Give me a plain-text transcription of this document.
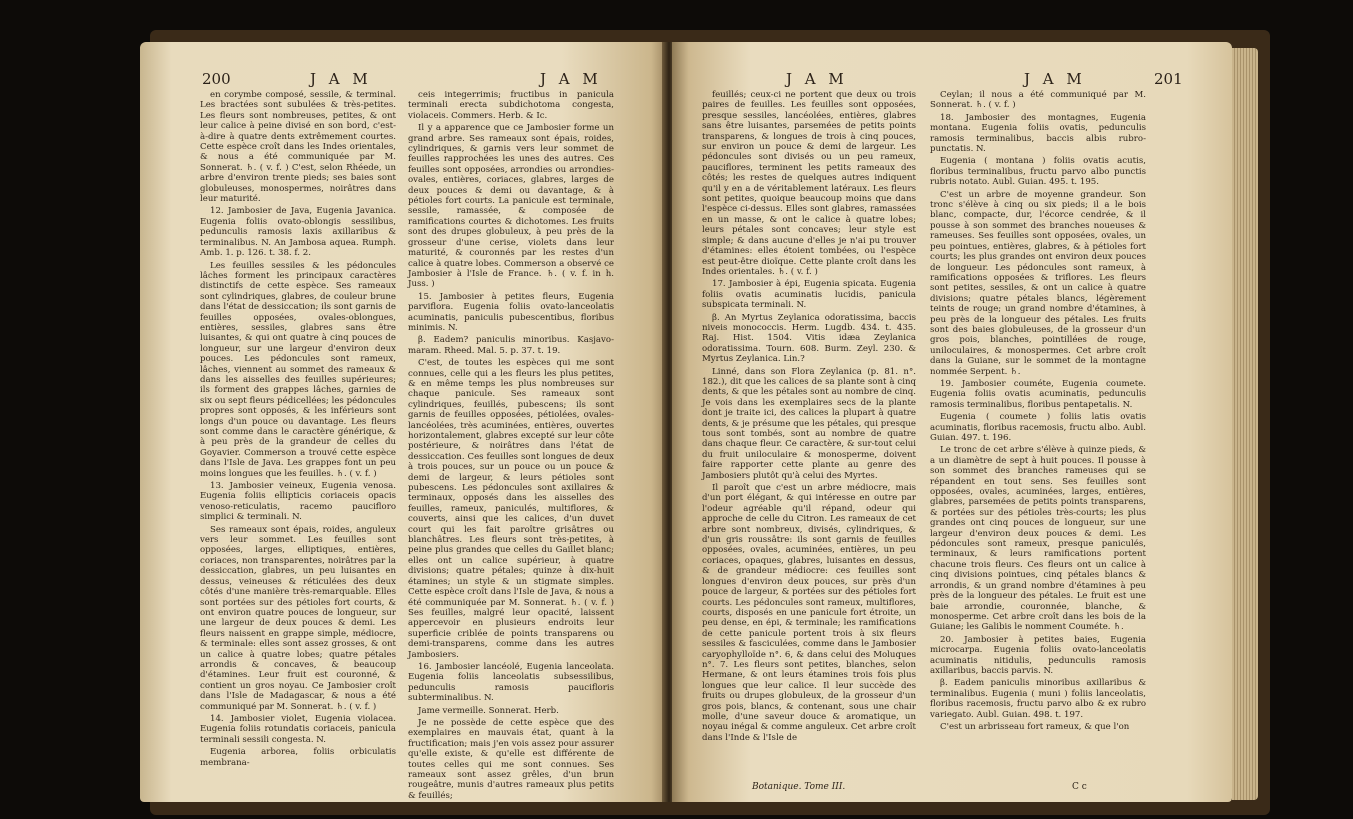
200	J A M	J A M

en corymbe composé, sessile, & terminal. Les bractées sont subulées & très-petites. Les fleurs sont nombreuses, petites, & ont leur calice à peine divisé en son bord, c'est-à-dire à quatre dents extrêmement courtes. Cette espèce croît dans les Indes orientales, & nous a été communiquée par M. Sonnerat. ♄. ( v. f. ) C'est, selon Rhéede, un arbre d'environ trente pieds; ses baies sont globuleuses, monospermes, noirâtres dans leur maturité.

12. Jambosier de Java, Eugenia Javanica. Eugenia foliis ovato-oblongis sessilibus, pedunculis ramosis laxis axillaribus & terminalibus. N. An Jambosa aquea. Rumph. Amb. 1. p. 126. t. 38. f. 2.

Les feuilles sessiles & les pédoncules lâches forment les principaux caractères distinctifs de cette espèce. Ses rameaux sont cylindriques, glabres, de couleur brune dans l'état de dessiccation; ils sont garnis de feuilles opposées, ovales-oblongues, entières, sessiles, glabres sans être luisantes, & qui ont quatre à cinq pouces de longueur, sur une largeur d'environ deux pouces. Les pédoncules sont rameux, lâches, viennent au sommet des rameaux & dans les aisselles des feuilles supérieures; ils forment des grappes lâches, garnies de six ou sept fleurs pédicellées; les pédoncules propres sont opposés, & les inférieurs sont longs d'un pouce ou davantage. Les fleurs sont comme dans le caractère générique, & à peu près de la grandeur de celles du Goyavier. Commerson a trouvé cette espèce dans l'Isle de Java. Les grappes font un peu moins longues que les feuilles. ♄. ( v. f. )

13. Jambosier veineux, Eugenia venosa. Eugenia foliis ellipticis coriaceis opacis venoso-reticulatis, racemo paucifloro simplici & terminali. N.

Ses rameaux sont épais, roides, anguleux vers leur sommet. Les feuilles sont opposées, larges, elliptiques, entières, coriaces, non transparentes, noirâtres par la dessiccation, glabres, un peu luisantes en dessus, veineuses & réticulées des deux côtés d'une manière très-remarquable. Elles sont portées sur des pétioles fort courts, & ont environ quatre pouces de longueur, sur une largeur de deux pouces & demi. Les fleurs naissent en grappe simple, médiocre, & terminale: elles sont assez grosses, & ont un calice à quatre lobes; quatre pétales arrondis & concaves, & beaucoup d'étamines. Leur fruit est couronné, & contient un gros noyau. Ce Jambosier croît dans l'Isle de Madagascar, & nous a été communiqué par M. Sonnerat. ♄. ( v. f. )

14. Jambosier violet, Eugenia violacea. Eugenia foliis rotundatis coriaceis, panicula terminali sessili congesta. N.

Eugenia arborea, foliis orbiculatis membrana-

ceis integerrimis; fructibus in panicula terminali erecta subdichotoma congesta, violaceis. Commers. Herb. & Ic.

Il y a apparence que ce Jambosier forme un grand arbre. Ses rameaux sont épais, roides, cylindriques, & garnis vers leur sommet de feuilles rapprochées les unes des autres. Ces feuilles sont opposées, arrondies ou arrondies-ovales, entières, coriaces, glabres, larges de deux pouces & demi ou davantage, & à pétioles fort courts. La panicule est terminale, sessile, ramassée, & composée de ramifications courtes & dichotomes. Les fruits sont des drupes globuleux, à peu près de la grosseur d'une cerise, violets dans leur maturité, & couronnés par les restes d'un calice à quatre lobes. Commerson a observé ce Jambosier à l'Isle de France. ♄. ( v. f. in h. Juss. )

15. Jambosier à petites fleurs, Eugenia parviflora. Eugenia foliis ovato-lanceolatis acuminatis, paniculis pubescentibus, floribus minimis. N.

β. Eadem? paniculis minoribus. Kasjavo-maram. Rheed. Mal. 5. p. 37. t. 19.

C'est, de toutes les espèces qui me sont connues, celle qui a les fleurs les plus petites, & en même temps les plus nombreuses sur chaque panicule. Ses rameaux sont cylindriques, feuillés, pubescens; ils sont garnis de feuilles opposées, pétiolées, ovales-lancéolées, très acuminées, entières, ouvertes horizontalement, glabres excepté sur leur côte postérieure, & noirâtres dans l'état de dessiccation. Ces feuilles sont longues de deux à trois pouces, sur un pouce ou un pouce & demi de largeur, & leurs pétioles sont pubescens. Les pédoncules sont axillaires & terminaux, opposés dans les aisselles des feuilles, rameux, paniculés, multiflores, & couverts, ainsi que les calices, d'un duvet court qui les fait paroître grisâtres ou blanchâtres. Les fleurs sont très-petites, à peine plus grandes que celles du Gaillet blanc; elles ont un calice supérieur, à quatre divisions; quatre pétales; quinze à dix-huit étamines; un style & un stigmate simples. Cette espèce croît dans l'Isle de Java, & nous a été communiquée par M. Sonnerat. ♄. ( v. f. ) Ses feuilles, malgré leur opacité, laissent appercevoir en plusieurs endroits leur superficie criblée de points transparens ou demi-transparens, comme dans les autres Jambosiers.

16. Jambosier lancéolé, Eugenia lanceolata. Eugenia foliis lanceolatis subsessilibus, pedunculis ramosis paucifloris subterminalibus. N.

Jame vermeille. Sonnerat. Herb.

Je ne possède de cette espèce que des exemplaires en mauvais état, quant à la fructification; mais j'en vois assez pour assurer qu'elle existe, & qu'elle est différente de toutes celles qui me sont connues. Ses rameaux sont assez grêles, d'un brun rougeâtre, munis d'autres rameaux plus petits & feuillés;

J A M	J A M	201

feuillés; ceux-ci ne portent que deux ou trois paires de feuilles. Les feuilles sont opposées, presque sessiles, lancéolées, entières, glabres sans être luisantes, parsemées de petits points transparens, & longues de trois à cinq pouces, sur environ un pouce & demi de largeur. Les pédoncules sont divisés ou un peu rameux, pauciflores, terminent les petits rameaux des côtés; les restes de quelques autres indiquent qu'il y en a de véritablement latéraux. Les fleurs sont petites, quoique beaucoup moins que dans l'espèce ci-dessus. Elles sont glabres, ramassées en un masse, & ont le calice à quatre lobes; leurs pétales sont concaves; leur style est simple; & dans aucune d'elles je n'ai pu trouver d'étamines: elles étoient tombées, ou l'espèce est peut-être dioïque. Cette plante croît dans les Indes orientales. ♄. ( v. f. )

17. Jambosier à épi, Eugenia spicata. Eugenia foliis ovatis acuminatis lucidis, panicula subspicata terminali. N.

β. An Myrtus Zeylanica odoratissima, baccis niveis monococcis. Herm. Lugdb. 434. t. 435. Raj. Hist. 1504. Vitis idæa Zeylanica odoratissima. Tourn. 608. Burm. Zeyl. 230. & Myrtus Zeylanica. Lin.?

Linné, dans son Flora Zeylanica (p. 81. n°. 182.), dit que les calices de sa plante sont à cinq dents, & que les pétales sont au nombre de cinq. Je vois dans les exemplaires secs de la plante dont je traite ici, des calices la plupart à quatre dents, & je présume que les pétales, qui presque tous sont tombés, sont au nombre de quatre dans chaque fleur. Ce caractère, & sur-tout celui du fruit uniloculaire & monosperme, doivent faire rapporter cette plante au genre des Jambosiers plutôt qu'à celui des Myrtes.

Il paroît que c'est un arbre médiocre, mais d'un port élégant, & qui intéresse en outre par l'odeur agréable qu'il répand, odeur qui approche de celle du Citron. Les rameaux de cet arbre sont nombreux, divisés, cylindriques, & d'un gris roussâtre: ils sont garnis de feuilles opposées, ovales, acuminées, entières, un peu coriaces, opaques, glabres, luisantes en dessus, & de grandeur médiocre: ces feuilles sont longues d'environ deux pouces, sur près d'un pouce de largeur, & portées sur des pétioles fort courts. Les pédoncules sont rameux, multiflores, courts, disposés en une panicule fort étroite, un peu dense, en épi, & terminale; les ramifications de cette panicule portent trois à six fleurs sessiles & fasciculées, comme dans le Jambosier caryophylloïde n°. 6, & dans celui des Moluques n°. 7. Les fleurs sont petites, blanches, selon Hermane, & ont leurs étamines trois fois plus longues que leur calice. Il leur succède des fruits ou drupes globuleux, de la grosseur d'un gros pois, blancs, & contenant, sous une chair molle, d'une saveur douce & aromatique, un noyau inégal & comme anguleux. Cet arbre croît dans l'Inde & l'Isle de

Ceylan; il nous a été communiqué par M. Sonnerat. ♄. ( v. f. )

18. Jambosier des montagnes, Eugenia montana. Eugenia foliis ovatis, pedunculis ramosis terminalibus, baccis albis rubro-punctatis. N.

Eugenia ( montana ) foliis ovatis acutis, floribus terminalibus, fructu parvo albo punctis rubris notato. Aubl. Guian. 495. t. 195.

C'est un arbre de moyenne grandeur. Son tronc s'élève à cinq ou six pieds; il a le bois blanc, compacte, dur, l'écorce cendrée, & il pousse à son sommet des branches noueuses & rameuses. Ses feuilles sont opposées, ovales, un peu pointues, entières, glabres, & à pétioles fort courts; les plus grandes ont environ deux pouces de longueur. Les pédoncules sont rameux, à ramifications opposées & triflores. Les fleurs sont petites, sessiles, & ont un calice à quatre divisions; quatre pétales blancs, légèrement teints de rouge; un grand nombre d'étamines, à peu près de la longueur des pétales. Les fruits sont des baies globuleuses, de la grosseur d'un gros pois, blanches, pointillées de rouge, uniloculaires, & monospermes. Cet arbre croît dans la Guiane, sur le sommet de la montagne nommée Serpent. ♄.

19. Jambosier couméte, Eugenia coumete. Eugenia foliis ovatis acuminatis, pedunculis ramosis terminalibus, floribus pentapetalis. N.

Eugenia ( coumete ) foliis latis ovatis acuminatis, floribus racemosis, fructu albo. Aubl. Guian. 497. t. 196.

Le tronc de cet arbre s'élève à quinze pieds, & a un diamètre de sept à huit pouces. Il pousse à son sommet des branches rameuses qui se répandent en tout sens. Ses feuilles sont opposées, ovales, acuminées, larges, entières, glabres, parsemées de petits points transparens, & portées sur des pétioles très-courts; les plus grandes ont cinq pouces de longueur, sur une largeur d'environ deux pouces & demi. Les pédoncules sont rameux, presque paniculés, terminaux, & leurs ramifications portent chacune trois fleurs. Ces fleurs ont un calice à cinq divisions pointues, cinq pétales blancs & arrondis, & un grand nombre d'étamines à peu près de la longueur des pétales. Le fruit est une baie arrondie, couronnée, blanche, & monosperme. Cet arbre croît dans les bois de la Guiane; les Galibis le nomment Couméte. ♄.

20. Jambosier à petites baies, Eugenia microcarpa. Eugenia foliis ovato-lanceolatis acuminatis nitidulis, pedunculis ramosis axillaribus, baccis parvis. N.

β. Eadem paniculis minoribus axillaribus & terminalibus. Eugenia ( muni ) foliis lanceolatis, floribus racemosis, fructu parvo albo & ex rubro variegato. Aubl. Guian. 498. t. 197.

C'est un arbrisseau fort rameux, & que l'on

Botanique. Tome III.	C c
